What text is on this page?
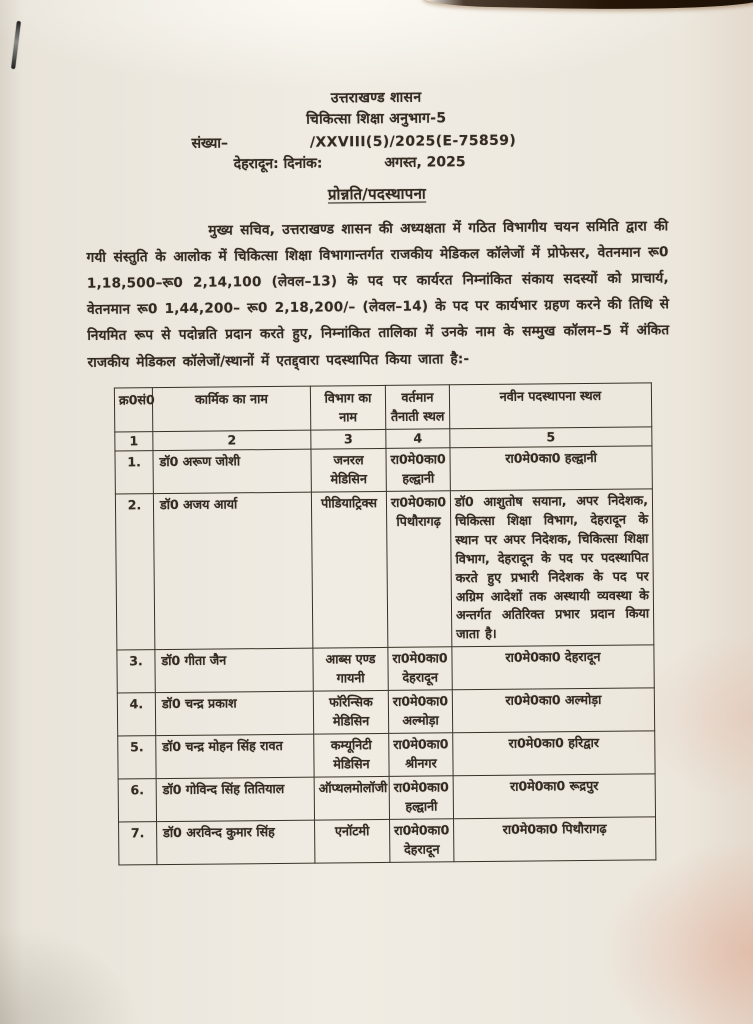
उत्तराखण्ड शासन
चिकित्सा शिक्षा अनुभाग-5
संख्या–	/XXVIII(5)/2025(E-75859)
देहरादून: दिनांक:	अगस्त, 2025
प्रोन्नति/पदस्थापना

मुख्य सचिव, उत्तराखण्ड शासन की अध्यक्षता में गठित विभागीय चयन समिति द्वारा की गयी संस्तुति के आलोक में चिकित्सा शिक्षा विभागान्तर्गत राजकीय मेडिकल कॉलेजों में प्रोफेसर, वेतनमान रू0 1,18,500–रू0 2,14,100 (लेवल–13) के पद पर कार्यरत निम्नांकित संकाय सदस्यों को प्राचार्य, वेतनमान रू0 1,44,200– रू0 2,18,200/– (लेवल–14) के पद पर कार्यभार ग्रहण करने की तिथि से नियमित रूप से पदोन्नति प्रदान करते हुए, निम्नांकित तालिका में उनके नाम के सम्मुख कॉलम–5 में अंकित राजकीय मेडिकल कॉलेजों/स्थानों में एतद्द्वारा पदस्थापित किया जाता है:-

क्र0सं0	कार्मिक का नाम	विभाग का नाम	वर्तमान तैनाती स्थल	नवीन पदस्थापना स्थल
1	2	3	4	5
1.	डॉ0 अरूण जोशी	जनरल मेडिसिन	रा0मे0का0 हल्द्वानी	रा0मे0का0 हल्द्वानी
2.	डॉ0 अजय आर्या	पीडियाट्रिक्स	रा0मे0का0 पिथौरागढ़	डॉ0 आशुतोष सयाना, अपर निदेशक, चिकित्सा शिक्षा विभाग, देहरादून के स्थान पर अपर निदेशक, चिकित्सा शिक्षा विभाग, देहरादून के पद पर पदस्थापित करते हुए प्रभारी निदेशक के पद पर अग्रिम आदेशों तक अस्थायी व्यवस्था के अन्तर्गत अतिरिक्त प्रभार प्रदान किया जाता है।
3.	डॉ0 गीता जैन	आब्स एण्ड गायनी	रा0मे0का0 देहरादून	रा0मे0का0 देहरादून
4.	डॉ0 चन्द्र प्रकाश	फॉरेन्सिक मेडिसिन	रा0मे0का0 अल्मोड़ा	रा0मे0का0 अल्मोड़ा
5.	डॉ0 चन्द्र मोहन सिंह रावत	कम्यूनिटी मेडिसिन	रा0मे0का0 श्रीनगर	रा0मे0का0 हरिद्वार
6.	डॉ0 गोविन्द सिंह तितियाल	ऑप्थलमोलॉजी	रा0मे0का0 हल्द्वानी	रा0मे0का0 रूद्रपुर
7.	डॉ0 अरविन्द कुमार सिंह	एनॉटमी	रा0मे0का0 देहरादून	रा0मे0का0 पिथौरागढ़
